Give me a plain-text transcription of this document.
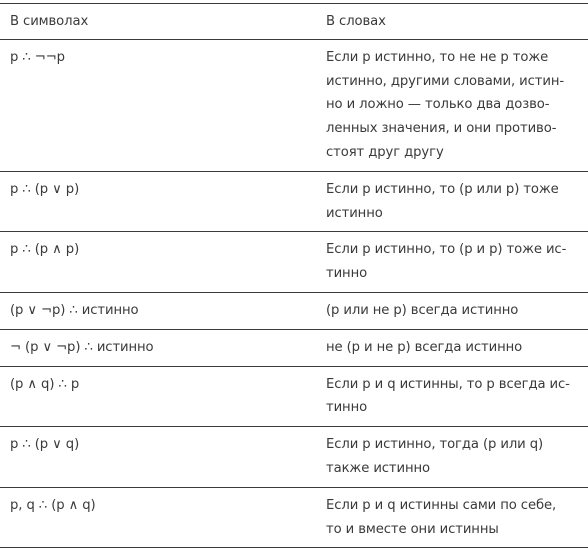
В символах	В словах
p ∴ ¬¬p	Если p истинно, то не не p тоже
истинно, другими словами, истин-
но и ложно — только два дозво-
ленных значения, и они противо-
стоят друг другу
p ∴ (p ∨ p)	Если p истинно, то (p или p) тоже
истинно
p ∴ (p ∧ p)	Если p истинно, то (p и p) тоже ис-
тинно
(p ∨ ¬p) ∴ истинно	(p или не p) всегда истинно
¬ (p ∨ ¬p) ∴ истинно	не (p и не p) всегда истинно
(p ∧ q) ∴ p	Если p и q истинны, то p всегда ис-
тинно
p ∴ (p ∨ q)	Если p истинно, тогда (p или q)
также истинно
p, q ∴ (p ∧ q)	Если p и q истинны сами по себе,
то и вместе они истинны
